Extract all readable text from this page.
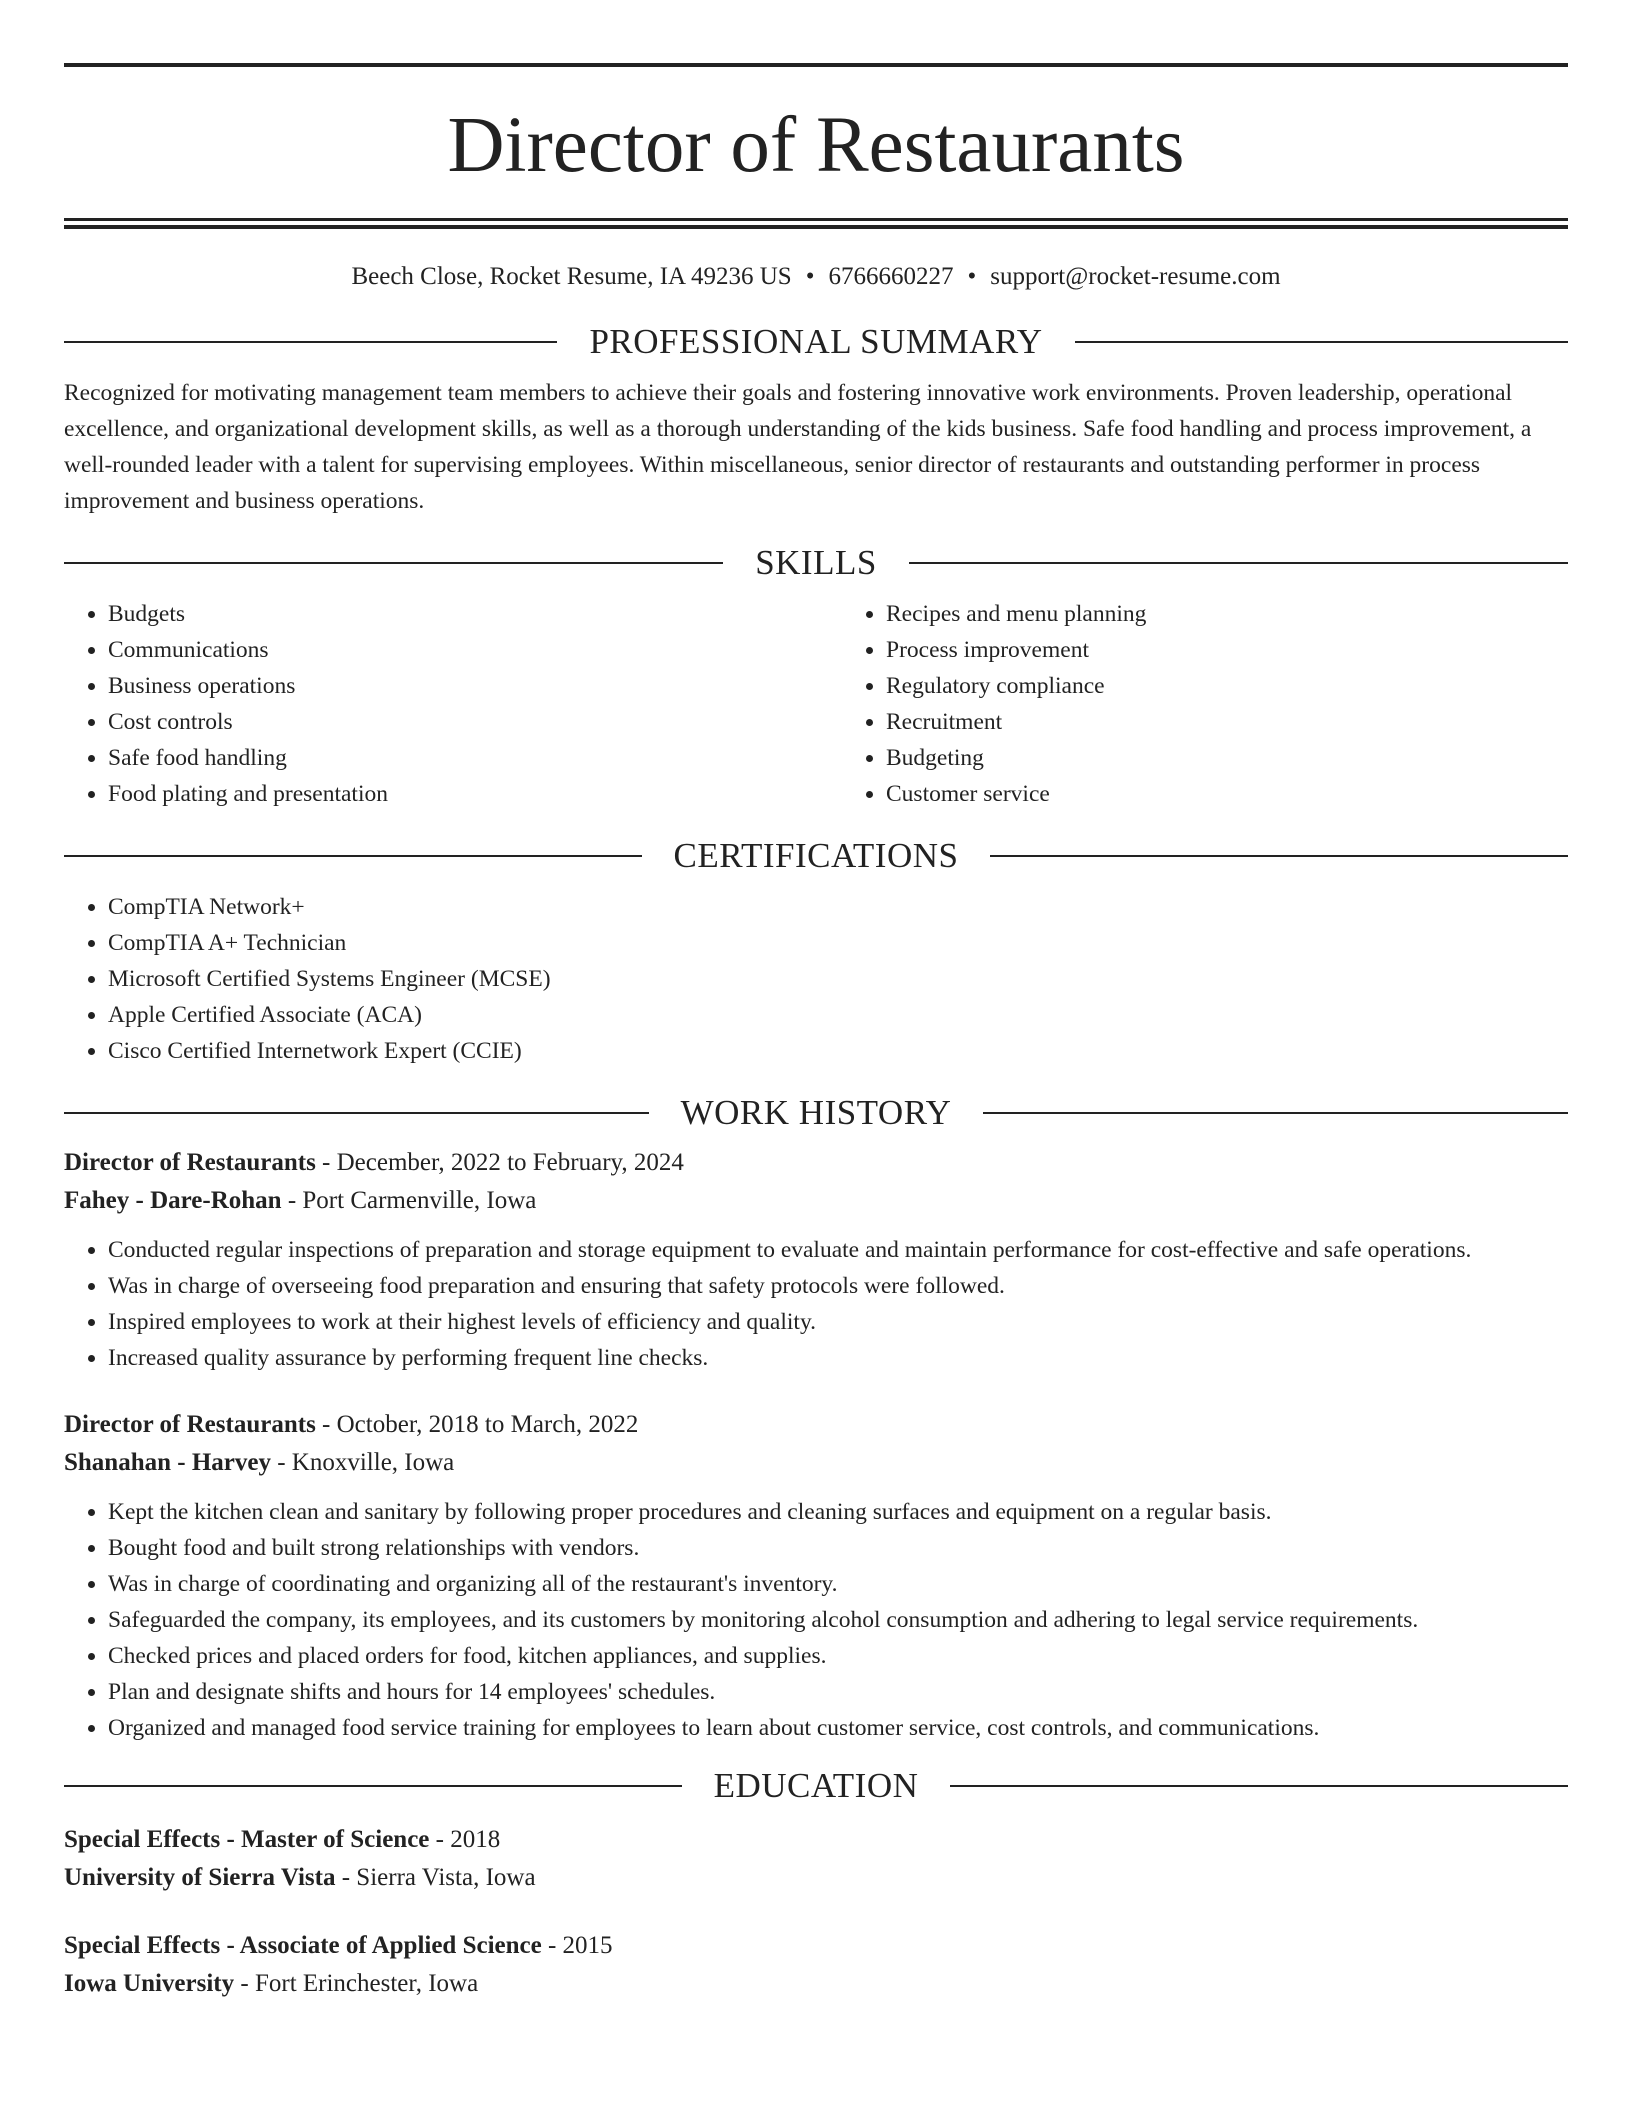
Director of Restaurants
Beech Close, Rocket Resume, IA 49236 US • 6766660227 • support@rocket-resume.com
PROFESSIONAL SUMMARY

Recognized for motivating management team members to achieve their goals and fostering innovative work environments. Proven leadership, operational excellence, and organizational development skills, as well as a thorough understanding of the kids business. Safe food handling and process improvement, a well-rounded leader with a talent for supervising employees. Within miscellaneous, senior director of restaurants and outstanding performer in process improvement and business operations.

SKILLS
• Budgets
• Communications
• Business operations
• Cost controls
• Safe food handling
• Food plating and presentation
• Recipes and menu planning
• Process improvement
• Regulatory compliance
• Recruitment
• Budgeting
• Customer service
CERTIFICATIONS
• CompTIA Network+
• CompTIA A+ Technician
• Microsoft Certified Systems Engineer (MCSE)
• Apple Certified Associate (ACA)
• Cisco Certified Internetwork Expert (CCIE)
WORK HISTORY
Director of Restaurants - December, 2022 to February, 2024
Fahey - Dare-Rohan - Port Carmenville, Iowa
• Conducted regular inspections of preparation and storage equipment to evaluate and maintain performance for cost-effective and safe operations.
• Was in charge of overseeing food preparation and ensuring that safety protocols were followed.
• Inspired employees to work at their highest levels of efficiency and quality.
• Increased quality assurance by performing frequent line checks.
Director of Restaurants - October, 2018 to March, 2022
Shanahan - Harvey - Knoxville, Iowa
• Kept the kitchen clean and sanitary by following proper procedures and cleaning surfaces and equipment on a regular basis.
• Bought food and built strong relationships with vendors.
• Was in charge of coordinating and organizing all of the restaurant's inventory.
• Safeguarded the company, its employees, and its customers by monitoring alcohol consumption and adhering to legal service requirements.
• Checked prices and placed orders for food, kitchen appliances, and supplies.
• Plan and designate shifts and hours for 14 employees' schedules.
• Organized and managed food service training for employees to learn about customer service, cost controls, and communications.
EDUCATION
Special Effects - Master of Science - 2018
University of Sierra Vista - Sierra Vista, Iowa
Special Effects - Associate of Applied Science - 2015
Iowa University - Fort Erinchester, Iowa
